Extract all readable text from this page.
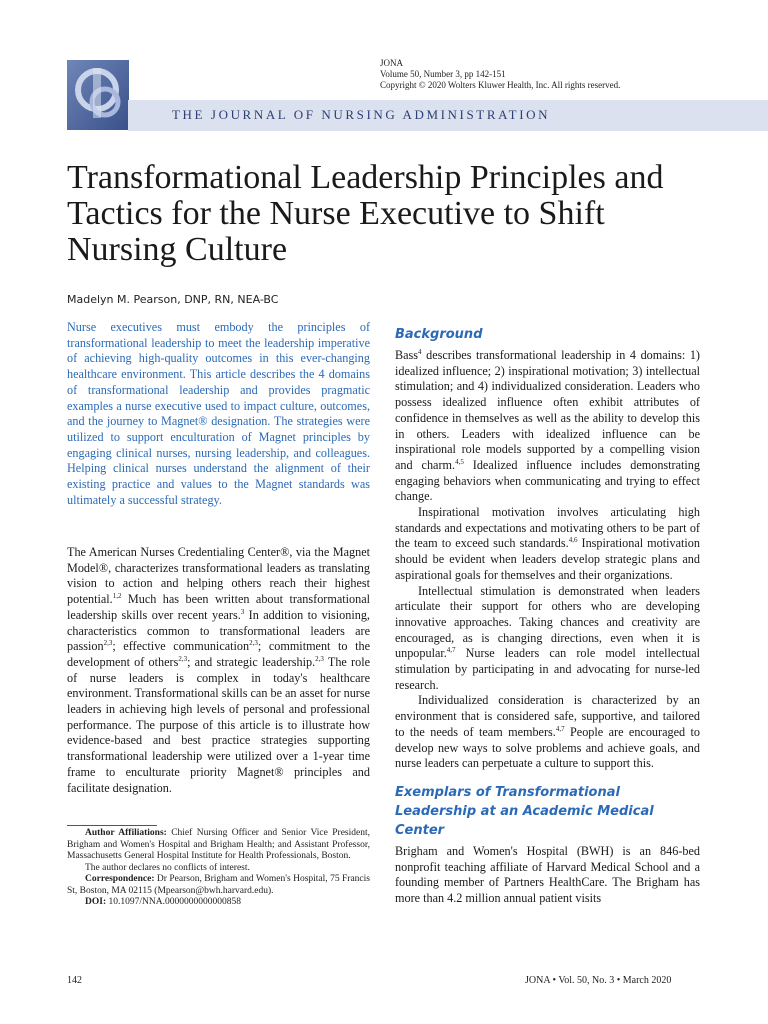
JONA
Volume 50, Number 3, pp 142-151
Copyright © 2020 Wolters Kluwer Health, Inc. All rights reserved.
THE JOURNAL OF NURSING ADMINISTRATION
Transformational Leadership Principles and Tactics for the Nurse Executive to Shift Nursing Culture
Madelyn M. Pearson, DNP, RN, NEA-BC

Nurse executives must embody the principles of transformational leadership to meet the leadership imperative of achieving high-quality outcomes in this ever-changing healthcare environment. This article describes the 4 domains of transformational leadership and provides pragmatic examples a nurse executive used to impact culture, outcomes, and the journey to Magnet® designation. The strategies were utilized to support enculturation of Magnet principles by engaging clinical nurses, nursing leadership, and colleagues. Helping clinical nurses understand the alignment of their existing practice and values to the Magnet standards was ultimately a successful strategy.

The American Nurses Credentialing Center®, via the Magnet Model®, characterizes transformational leaders as translating vision to action and helping others reach their highest potential.$^{1,2}$ Much has been written about transformational leadership skills over recent years.$^3$ In addition to visioning, characteristics common to transformational leaders are passion$^{2,3}$; effective communication$^{2,3}$; commitment to the development of others$^{2,3}$; and strategic leadership.$^{2,3}$ The role of nurse leaders is complex in today's healthcare environment. Transformational skills can be an asset for nurse leaders in achieving high levels of personal and professional performance. The purpose of this article is to illustrate how evidence-based and best practice strategies supporting transformational leadership were utilized over a 1-year time frame to enculturate priority Magnet® principles and facilitate designation.

Author Affiliations: Chief Nursing Officer and Senior Vice President, Brigham and Women's Hospital and Brigham Health; and Assistant Professor, Massachusetts General Hospital Institute for Health Professionals, Boston.

The author declares no conflicts of interest.

Correspondence: Dr Pearson, Brigham and Women's Hospital, 75 Francis St, Boston, MA 02115 (Mpearson@bwh.harvard.edu).

DOI: 10.1097/NNA.0000000000000858

Background

Bass$^4$ describes transformational leadership in 4 domains: 1) idealized influence; 2) inspirational motivation; 3) intellectual stimulation; and 4) individualized consideration. Leaders who possess idealized influence often exhibit attributes of confidence in themselves as well as the ability to develop this in others. Leaders with idealized influence can be inspirational role models supported by a compelling vision and charm.$^{4,5}$ Idealized influence includes demonstrating engaging behaviors when communicating and trying to effect change.

Inspirational motivation involves articulating high standards and expectations and motivating others to be part of the team to exceed such standards.$^{4,6}$ Inspirational motivation should be evident when leaders develop strategic plans and aspirational goals for themselves and their organizations.

Intellectual stimulation is demonstrated when leaders articulate their support for others who are developing innovative approaches. Taking chances and creativity are encouraged, as is changing directions, even when it is unpopular.$^{4,7}$ Nurse leaders can role model intellectual stimulation by participating in and advocating for nurse-led research.

Individualized consideration is characterized by an environment that is considered safe, supportive, and tailored to the needs of team members.$^{4,7}$ People are encouraged to develop new ways to solve problems and achieve goals, and nurse leaders can perpetuate a culture to support this.

Exemplars of Transformational Leadership at an Academic Medical Center

Brigham and Women's Hospital (BWH) is an 846-bed nonprofit teaching affiliate of Harvard Medical School and a founding member of Partners HealthCare. The Brigham has more than 4.2 million annual patient visits

142	JONA • Vol. 50, No. 3 • March 2020
